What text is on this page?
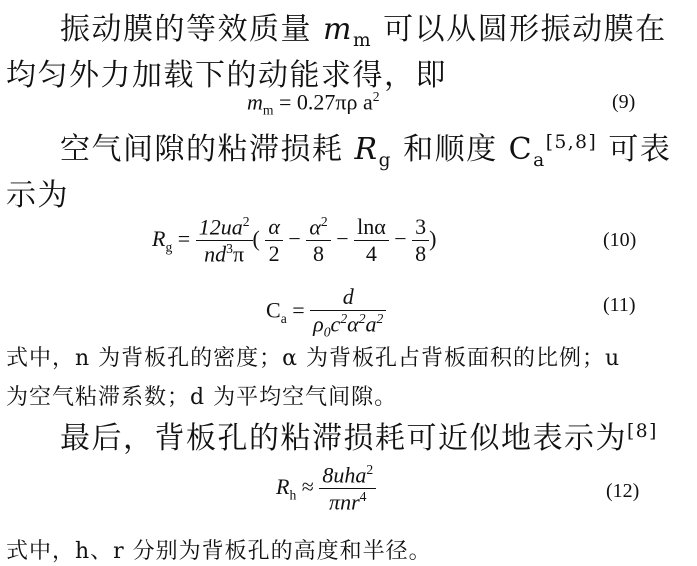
振动膜的等效质量 $m_m$ 可以从圆形振动膜在
均匀外力加载下的动能求得，即
$m_m = 0.27\pi\rho$ $a^2$	(9)
空气间隙的粘滞损耗 $R_g$ 和顺度 $C_a[5,8]$ 可表
示为
$R_g = \frac{12ua^2}{nd^3\pi}$ ( $\frac{\alpha}{2} - \frac{\alpha^2}{8} - \frac{\ln\alpha}{4} - \frac{3}{8}$ )	(10)
$C_a = \frac{d}{\rho_0c^2\alpha^2a^2}$	(11)
式中，n 为背板孔的密度；α 为背板孔占背板面积的比例；u
为空气粘滞系数；d 为平均空气间隙。
最后，背板孔的粘滞损耗可近似地表示为[8]
$R_h \approx \frac{8uha^2}{\pi nr^4}$	(12)
式中，h、r 分别为背板孔的高度和半径。
